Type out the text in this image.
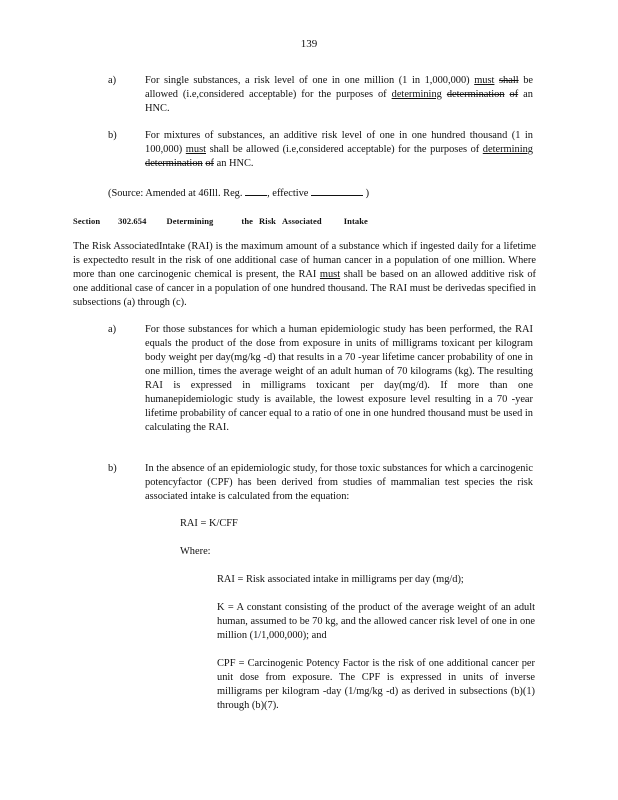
139
a)	For single substances, a risk level of one in one million (1 in 1,000,000) must shall be allowed (i.e,considered acceptable) for the purposes of determining determination of an HNC.
b)	For mixtures of substances, an additive risk level of one in one hundred thousand (1 in 100,000) must shall be allowed (i.e,considered acceptable) for the purposes of determining determination of an HNC.
(Source: Amended at 46Ill. Reg. , effective	)
Section 302.654 Determining	the Risk Associated	Intake
The Risk AssociatedIntake (RAI) is the maximum amount of a substance which if ingested daily for a lifetime is expectedto result in the risk of one additional case of human cancer in a population of one million. Where more than one carcinogenic chemical is present, the RAI must shall be based on an allowed additive risk of one additional case of cancer in a population of one hundred thousand. The RAI must be derivedas specified in subsections (a) through (c).
a)	For those substances for which a human epidemiologic study has been performed, the RAI equals the product of the dose from exposure in units of milligrams toxicant per kilogram body weight per day(mg/kg -d) that results in a 70 -year lifetime cancer probability of one in one million, times the average weight of an adult human of 70 kilograms (kg). The resulting RAI is expressed in milligrams toxicant per day(mg/d). If more than one humanepidemiologic study is available, the lowest exposure level resulting in a 70 -year lifetime probability of cancer equal to a ratio of one in one hundred thousand must be used in calculating the RAI.
b)	In the absence of an epidemiologic study, for those toxic substances for which a carcinogenic potencyfactor (CPF) has been derived from studies of mammalian test species the risk associated intake is calculated from the equation:
RAI = K/CFF
Where:
RAI = Risk associated intake in milligrams per day (mg/d);
K = A constant consisting of the product of the average weight of an adult human, assumed to be 70 kg, and the allowed cancer risk level of one in one million (1/1,000,000); and
CPF = Carcinogenic Potency Factor is the risk of one additional cancer per unit dose from exposure. The CPF is expressed in units of inverse milligrams per kilogram -day (1/mg/kg -d) as derived in subsections (b)(1) through (b)(7).
